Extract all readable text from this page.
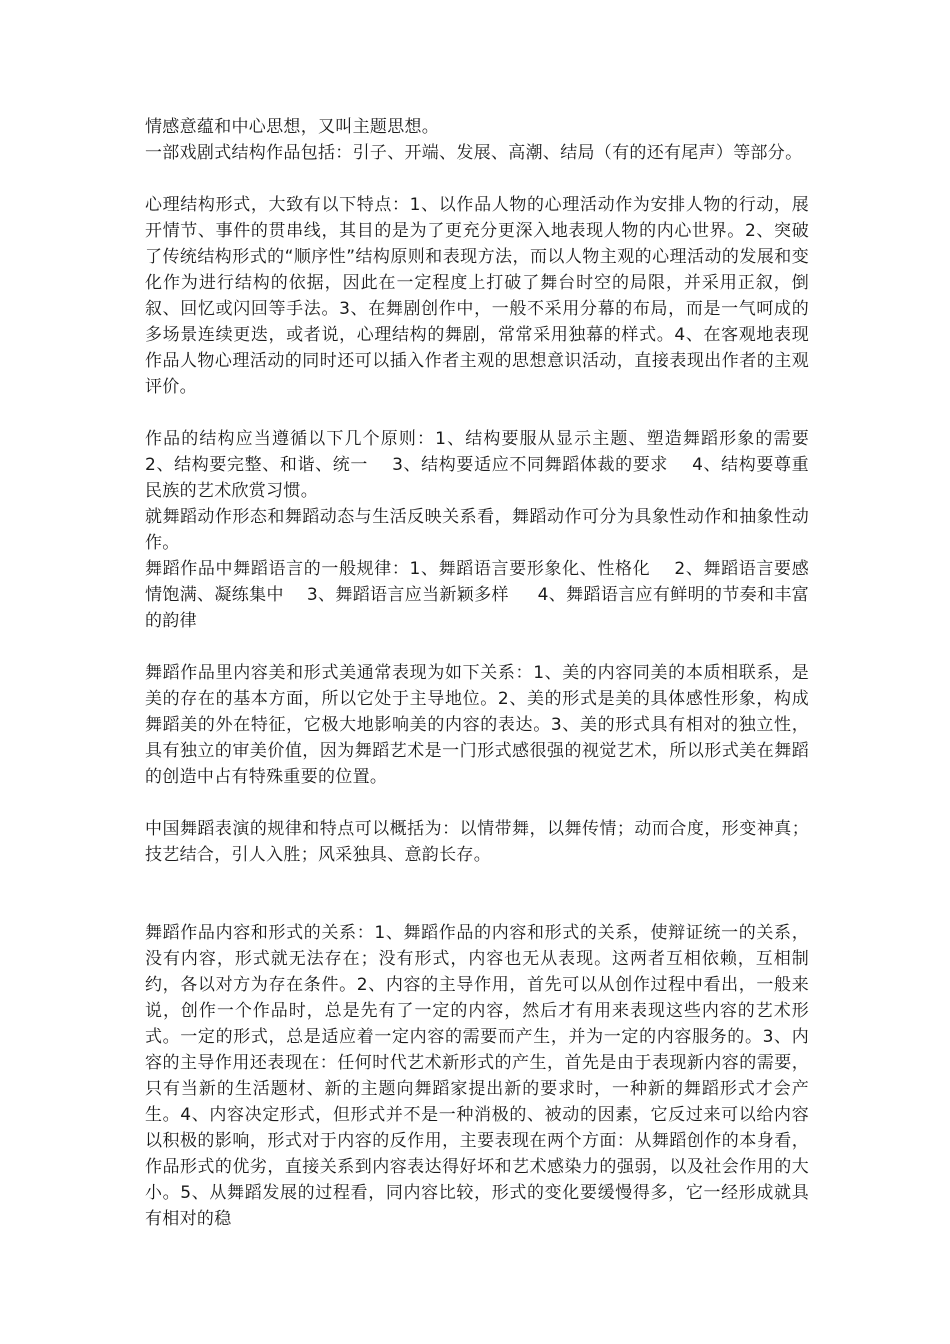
情感意蕴和中心思想，又叫主题思想。

一部戏剧式结构作品包括：引子、开端、发展、高潮、结局（有的还有尾声）等部分。

心理结构形式，大致有以下特点：1、以作品人物的心理活动作为安排人物的行动，展开情节、事件的贯串线，其目的是为了更充分更深入地表现人物的内心世界。2、突破了传统结构形式的“顺序性”结构原则和表现方法，而以人物主观的心理活动的发展和变化作为进行结构的依据，因此在一定程度上打破了舞台时空的局限，并采用正叙，倒叙、回忆或闪回等手法。3、在舞剧创作中，一般不采用分幕的布局，而是一气呵成的多场景连续更迭，或者说，心理结构的舞剧，常常采用独幕的样式。4、在客观地表现作品人物心理活动的同时还可以插入作者主观的思想意识活动，直接表现出作者的主观评价。

作品的结构应当遵循以下几个原则：1、结构要服从显示主题、塑造舞蹈形象的需要     2、结构要完整、和谐、统一    3、结构要适应不同舞蹈体裁的要求    4、结构要尊重民族的艺术欣赏习惯。

就舞蹈动作形态和舞蹈动态与生活反映关系看，舞蹈动作可分为具象性动作和抽象性动作。

舞蹈作品中舞蹈语言的一般规律：1、舞蹈语言要形象化、性格化    2、舞蹈语言要感情饱满、凝练集中    3、舞蹈语言应当新颖多样     4、舞蹈语言应有鲜明的节奏和丰富的韵律

舞蹈作品里内容美和形式美通常表现为如下关系：1、美的内容同美的本质相联系，是美的存在的基本方面，所以它处于主导地位。2、美的形式是美的具体感性形象，构成舞蹈美的外在特征，它极大地影响美的内容的表达。3、美的形式具有相对的独立性，具有独立的审美价值，因为舞蹈艺术是一门形式感很强的视觉艺术，所以形式美在舞蹈的创造中占有特殊重要的位置。

中国舞蹈表演的规律和特点可以概括为：以情带舞，以舞传情；动而合度，形变神真；技艺结合，引人入胜；风采独具、意韵长存。

舞蹈作品内容和形式的关系：1、舞蹈作品的内容和形式的关系，使辩证统一的关系，没有内容，形式就无法存在；没有形式，内容也无从表现。这两者互相依赖，互相制约，各以对方为存在条件。2、内容的主导作用，首先可以从创作过程中看出，一般来说，创作一个作品时，总是先有了一定的内容，然后才有用来表现这些内容的艺术形式。一定的形式，总是适应着一定内容的需要而产生，并为一定的内容服务的。3、内容的主导作用还表现在：任何时代艺术新形式的产生，首先是由于表现新内容的需要，只有当新的生活题材、新的主题向舞蹈家提出新的要求时，一种新的舞蹈形式才会产生。4、内容决定形式，但形式并不是一种消极的、被动的因素，它反过来可以给内容以积极的影响，形式对于内容的反作用，主要表现在两个方面：从舞蹈创作的本身看，作品形式的优劣，直接关系到内容表达得好坏和艺术感染力的强弱，以及社会作用的大小。5、从舞蹈发展的过程看，同内容比较，形式的变化要缓慢得多，它一经形成就具有相对的稳
